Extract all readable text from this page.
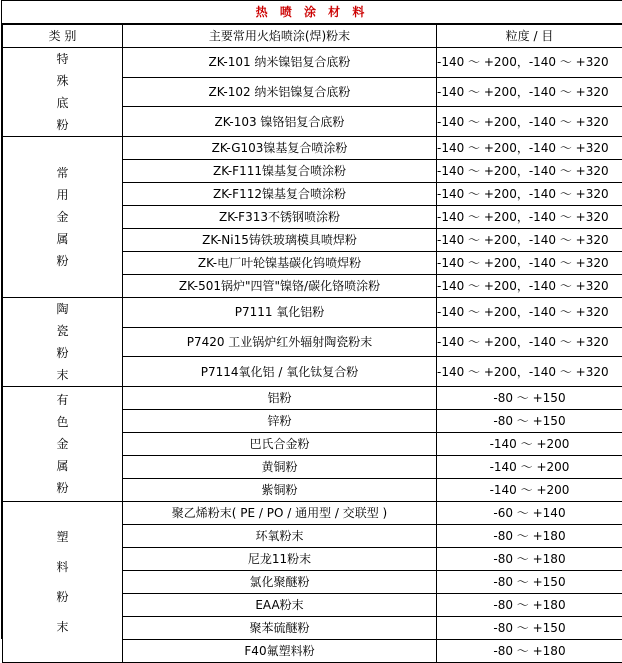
热 喷 涂 材 料
类 别	主要常用火焰喷涂(焊)粉末	粒度 / 目

特
殊
底
粉	ZK-101 纳米镍铝复合底粉	-140 ～ +200，-140 ～ +320
	ZK-102 纳米铝镍复合底粉	-140 ～ +200，-140 ～ +320
	ZK-103 镍铬铝复合底粉	-140 ～ +200，-140 ～ +320

常
用
金
属
粉	ZK-G103镍基复合喷涂粉	-140 ～ +200，-140 ～ +320
	ZK-F111镍基复合喷涂粉	-140 ～ +200，-140 ～ +320
	ZK-F112镍基复合喷涂粉	-140 ～ +200，-140 ～ +320
	ZK-F313不锈钢喷涂粉	-140 ～ +200，-140 ～ +320
	ZK-Ni15铸铁玻璃模具喷焊粉	-140 ～ +200，-140 ～ +320
	ZK-电厂叶轮镍基碳化钨喷焊粉	-140 ～ +200，-140 ～ +320
	ZK-501锅炉"四管"镍铬/碳化铬喷涂粉	-140 ～ +200，-140 ～ +320

陶
瓷
粉
末	P7111 氧化铝粉	-140 ～ +200，-140 ～ +320
	P7420 工业锅炉红外辐射陶瓷粉末	-140 ～ +200，-140 ～ +320
	P7114氧化铝 / 氧化钛复合粉	-140 ～ +200，-140 ～ +320

有
色
金
属
粉	铝粉	-80 ～ +150
	锌粉	-80 ～ +150
	巴氏合金粉	-140 ～ +200
	黄铜粉	-140 ～ +200
	紫铜粉	-140 ～ +200

塑
料
粉
末	聚乙烯粉末( PE / PO / 通用型 / 交联型 )	-60 ～ +140
	环氧粉末	-80 ～ +180
	尼龙11粉末	-80 ～ +180
	氯化聚醚粉	-80 ～ +150
	EAA粉末	-80 ～ +180
	聚苯硫醚粉	-80 ～ +150
	F40氟塑料粉	-80 ～ +180
